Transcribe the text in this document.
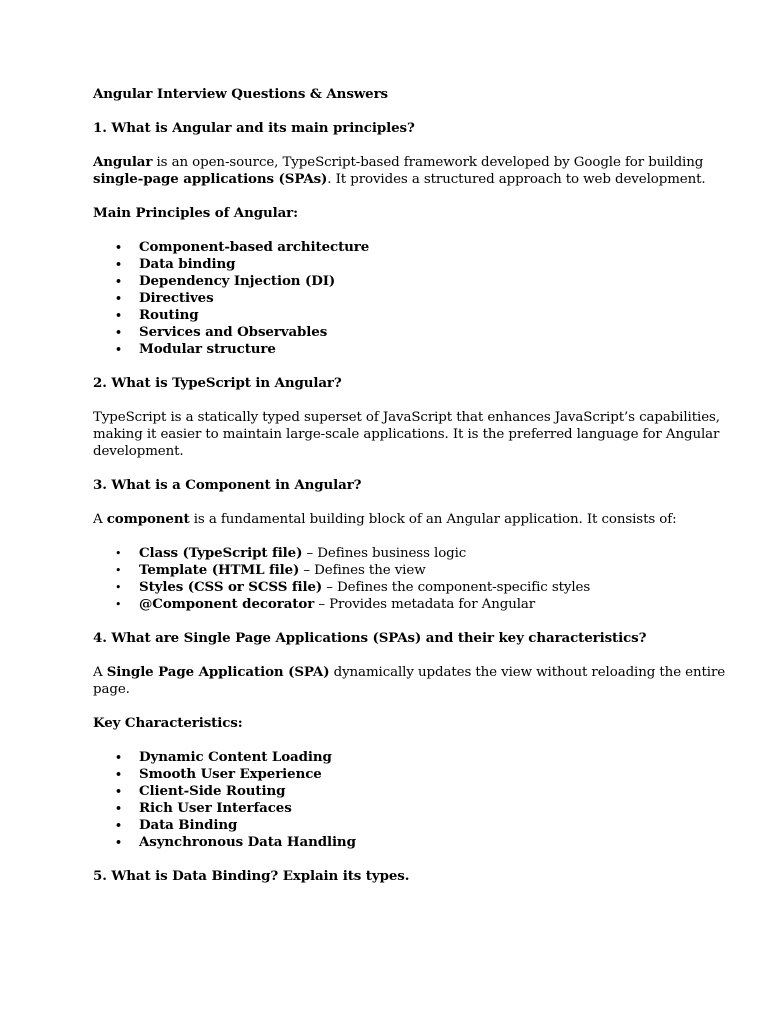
Angular Interview Questions & Answers

1. What is Angular and its main principles?

Angular is an open-source, TypeScript-based framework developed by Google for building single-page applications (SPAs). It provides a structured approach to web development.

Main Principles of Angular:

• Component-based architecture
• Data binding
• Dependency Injection (DI)
• Directives
• Routing
• Services and Observables
• Modular structure

2. What is TypeScript in Angular?

TypeScript is a statically typed superset of JavaScript that enhances JavaScript’s capabilities, making it easier to maintain large-scale applications. It is the preferred language for Angular development.

3. What is a Component in Angular?

A component is a fundamental building block of an Angular application. It consists of:

• Class (TypeScript file) – Defines business logic
• Template (HTML file) – Defines the view
• Styles (CSS or SCSS file) – Defines the component-specific styles
• @Component decorator – Provides metadata for Angular

4. What are Single Page Applications (SPAs) and their key characteristics?

A Single Page Application (SPA) dynamically updates the view without reloading the entire page.

Key Characteristics:

• Dynamic Content Loading
• Smooth User Experience
• Client-Side Routing
• Rich User Interfaces
• Data Binding
• Asynchronous Data Handling

5. What is Data Binding? Explain its types.
